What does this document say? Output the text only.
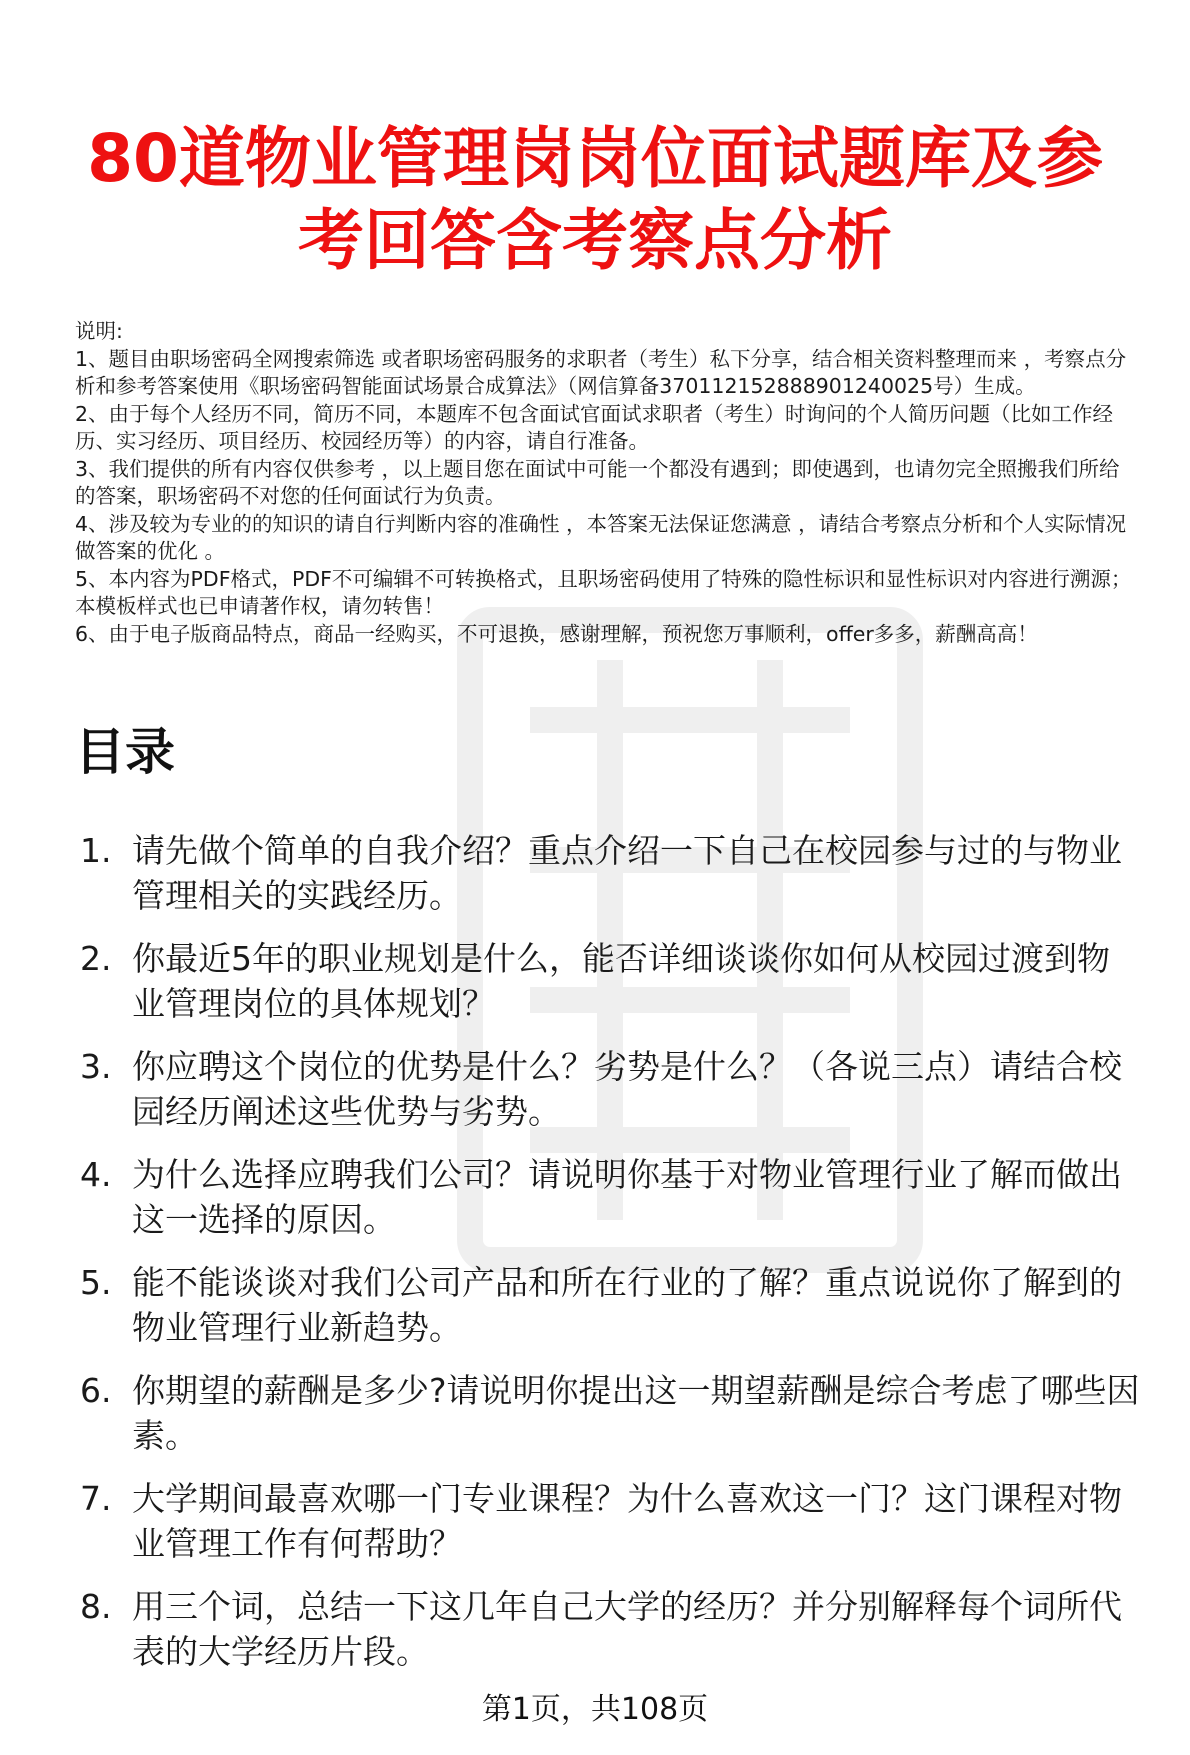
80道物业管理岗岗位面试题库及参考回答含考察点分析
说明:
1、题目由职场密码全网搜索筛选 或者职场密码服务的求职者（考生）私下分享，结合相关资料整理而来 ，考察点分析和参考答案使用《职场密码智能面试场景合成算法》（网信算备370112152888901240025号）生成。
2、由于每个人经历不同，简历不同，本题库不包含面试官面试求职者（考生）时询问的个人简历问题（比如工作经历、实习经历、项目经历、校园经历等）的内容，请自行准备。
3、我们提供的所有内容仅供参考 ，以上题目您在面试中可能一个都没有遇到；即使遇到，也请勿完全照搬我们所给的答案，职场密码不对您的任何面试行为负责。
4、涉及较为专业的的知识的请自行判断内容的准确性 ，本答案无法保证您满意 ，请结合考察点分析和个人实际情况做答案的优化 。
5、本内容为PDF格式，PDF不可编辑不可转换格式，且职场密码使用了特殊的隐性标识和显性标识对内容进行溯源；本模板样式也已申请著作权，请勿转售！
6、由于电子版商品特点，商品一经购买，不可退换，感谢理解，预祝您万事顺利，offer多多，薪酬高高！
目录
1. 请先做个简单的自我介绍？重点介绍一下自己在校园参与过的与物业管理相关的实践经历。
2. 你最近5年的职业规划是什么，能否详细谈谈你如何从校园过渡到物业管理岗位的具体规划？
3. 你应聘这个岗位的优势是什么？劣势是什么？（各说三点）请结合校园经历阐述这些优势与劣势。
4. 为什么选择应聘我们公司？请说明你基于对物业管理行业了解而做出这一选择的原因。
5. 能不能谈谈对我们公司产品和所在行业的了解？重点说说你了解到的物业管理行业新趋势。
6. 你期望的薪酬是多少?请说明你提出这一期望薪酬是综合考虑了哪些因素。
7. 大学期间最喜欢哪一门专业课程？为什么喜欢这一门？这门课程对物业管理工作有何帮助？
8. 用三个词，总结一下这几年自己大学的经历？并分别解释每个词所代表的大学经历片段。
第1页，共108页
